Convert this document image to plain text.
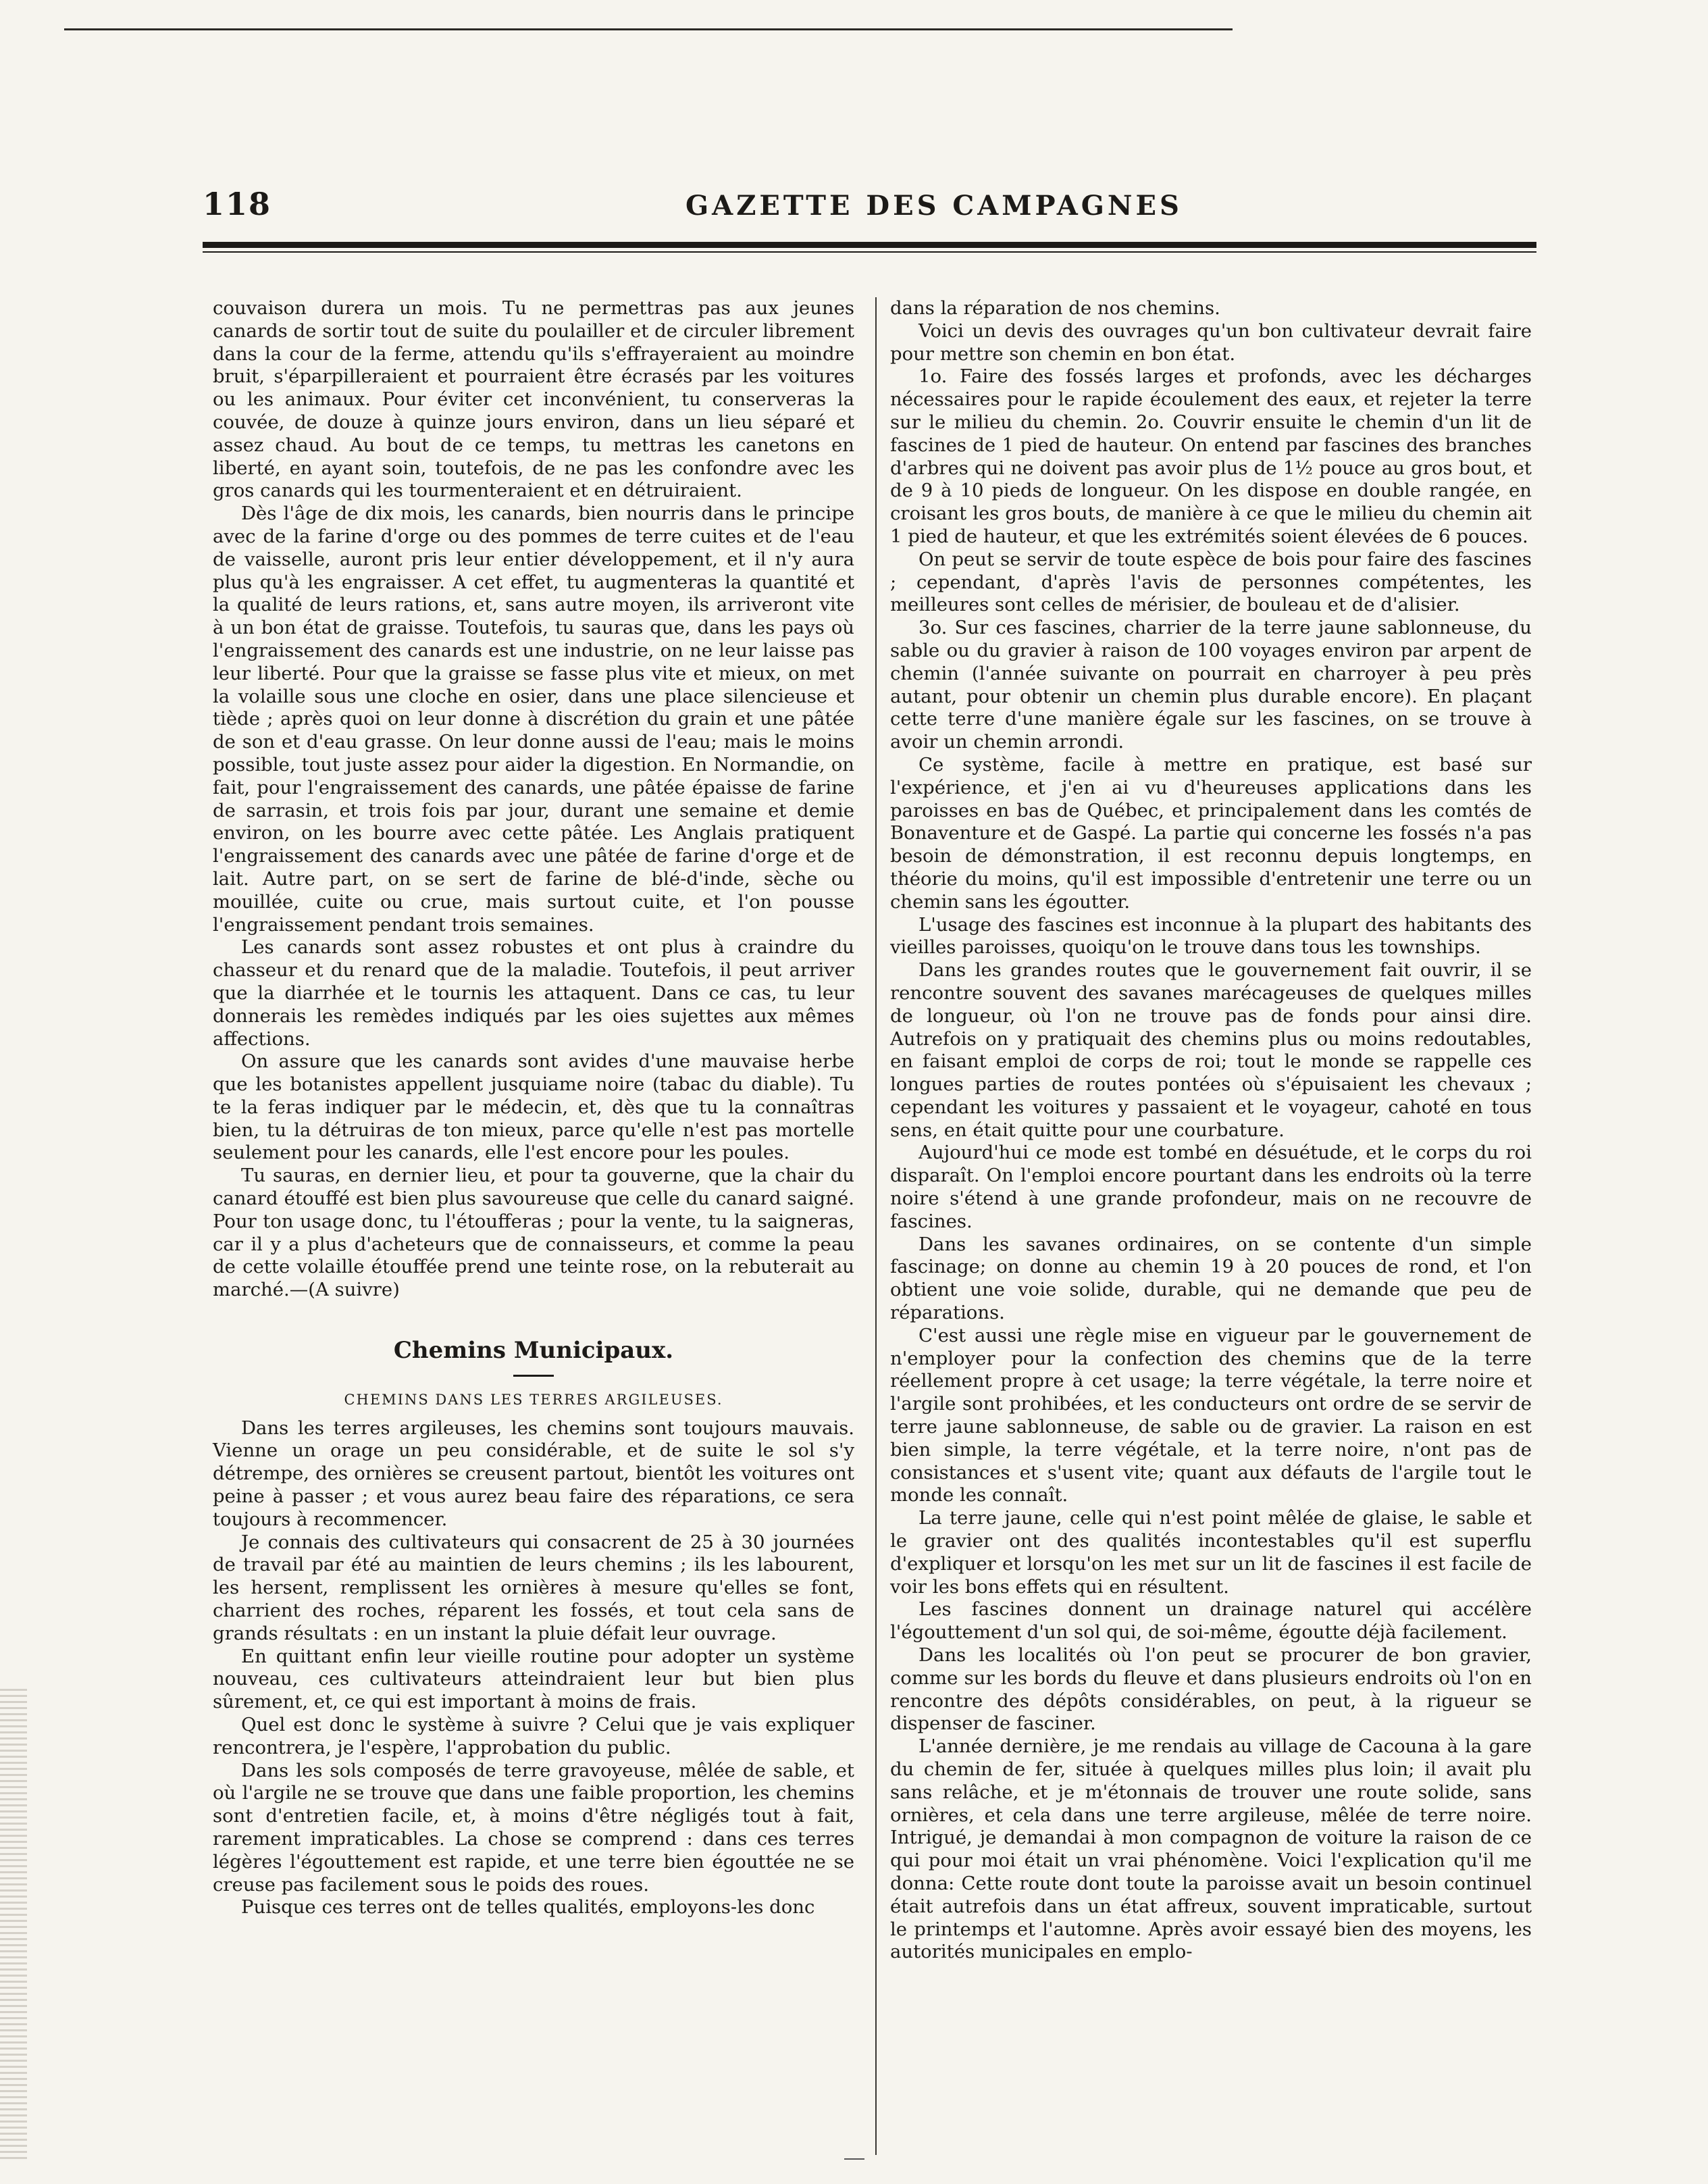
118	GAZETTE DES CAMPAGNES

couvaison durera un mois. Tu ne permettras pas aux jeunes canards de sortir tout de suite du poulailler et de circuler librement dans la cour de la ferme, attendu qu'ils s'effrayeraient au moindre bruit, s'éparpilleraient et pourraient être écrasés par les voitures ou les animaux. Pour éviter cet inconvénient, tu conserveras la couvée, de douze à quinze jours environ, dans un lieu séparé et assez chaud. Au bout de ce temps, tu mettras les canetons en liberté, en ayant soin, toutefois, de ne pas les confondre avec les gros canards qui les tourmenteraient et en détruiraient.

Dès l'âge de dix mois, les canards, bien nourris dans le principe avec de la farine d'orge ou des pommes de terre cuites et de l'eau de vaisselle, auront pris leur entier développement, et il n'y aura plus qu'à les engraisser. A cet effet, tu augmenteras la quantité et la qualité de leurs rations, et, sans autre moyen, ils arriveront vite à un bon état de graisse. Toutefois, tu sauras que, dans les pays où l'engraissement des canards est une industrie, on ne leur laisse pas leur liberté. Pour que la graisse se fasse plus vite et mieux, on met la volaille sous une cloche en osier, dans une place silencieuse et tiède ; après quoi on leur donne à discrétion du grain et une pâtée de son et d'eau grasse. On leur donne aussi de l'eau; mais le moins possible, tout juste assez pour aider la digestion. En Normandie, on fait, pour l'engraissement des canards, une pâtée épaisse de farine de sarrasin, et trois fois par jour, durant une semaine et demie environ, on les bourre avec cette pâtée. Les Anglais pratiquent l'engraissement des canards avec une pâtée de farine d'orge et de lait. Autre part, on se sert de farine de blé-d'inde, sèche ou mouillée, cuite ou crue, mais surtout cuite, et l'on pousse l'engraissement pendant trois semaines.

Les canards sont assez robustes et ont plus à craindre du chasseur et du renard que de la maladie. Toutefois, il peut arriver que la diarrhée et le tournis les attaquent. Dans ce cas, tu leur donnerais les remèdes indiqués par les oies sujettes aux mêmes affections.

On assure que les canards sont avides d'une mauvaise herbe que les botanistes appellent jusquiame noire (tabac du diable). Tu te la feras indiquer par le médecin, et, dès que tu la connaîtras bien, tu la détruiras de ton mieux, parce qu'elle n'est pas mortelle seulement pour les canards, elle l'est encore pour les poules.

Tu sauras, en dernier lieu, et pour ta gouverne, que la chair du canard étouffé est bien plus savoureuse que celle du canard saigné. Pour ton usage donc, tu l'étoufferas ; pour la vente, tu la saigneras, car il y a plus d'acheteurs que de connaisseurs, et comme la peau de cette volaille étouffée prend une teinte rose, on la rebuterait au marché.—(A suivre)

Chemins Municipaux.
CHEMINS DANS LES TERRES ARGILEUSES.

Dans les terres argileuses, les chemins sont toujours mauvais. Vienne un orage un peu considérable, et de suite le sol s'y détrempe, des ornières se creusent partout, bientôt les voitures ont peine à passer ; et vous aurez beau faire des réparations, ce sera toujours à recommencer.

Je connais des cultivateurs qui consacrent de 25 à 30 journées de travail par été au maintien de leurs chemins ; ils les labourent, les hersent, remplissent les ornières à mesure qu'elles se font, charrient des roches, réparent les fossés, et tout cela sans de grands résultats : en un instant la pluie défait leur ouvrage.

En quittant enfin leur vieille routine pour adopter un système nouveau, ces cultivateurs atteindraient leur but bien plus sûrement, et, ce qui est important à moins de frais.

Quel est donc le système à suivre ? Celui que je vais expliquer rencontrera, je l'espère, l'approbation du public.

Dans les sols composés de terre gravoyeuse, mêlée de sable, et où l'argile ne se trouve que dans une faible proportion, les chemins sont d'entretien facile, et, à moins d'être négligés tout à fait, rarement impraticables. La chose se comprend : dans ces terres légères l'égouttement est rapide, et une terre bien égouttée ne se creuse pas facilement sous le poids des roues.

Puisque ces terres ont de telles qualités, employons-les donc

dans la réparation de nos chemins.

Voici un devis des ouvrages qu'un bon cultivateur devrait faire pour mettre son chemin en bon état.

1o. Faire des fossés larges et profonds, avec les décharges nécessaires pour le rapide écoulement des eaux, et rejeter la terre sur le milieu du chemin. 2o. Couvrir ensuite le chemin d'un lit de fascines de 1 pied de hauteur. On entend par fascines des branches d'arbres qui ne doivent pas avoir plus de 1½ pouce au gros bout, et de 9 à 10 pieds de longueur. On les dispose en double rangée, en croisant les gros bouts, de manière à ce que le milieu du chemin ait 1 pied de hauteur, et que les extrémités soient élevées de 6 pouces.

On peut se servir de toute espèce de bois pour faire des fascines ; cependant, d'après l'avis de personnes compétentes, les meilleures sont celles de mérisier, de bouleau et de d'alisier.

3o. Sur ces fascines, charrier de la terre jaune sablonneuse, du sable ou du gravier à raison de 100 voyages environ par arpent de chemin (l'année suivante on pourrait en charroyer à peu près autant, pour obtenir un chemin plus durable encore). En plaçant cette terre d'une manière égale sur les fascines, on se trouve à avoir un chemin arrondi.

Ce système, facile à mettre en pratique, est basé sur l'expérience, et j'en ai vu d'heureuses applications dans les paroisses en bas de Québec, et principalement dans les comtés de Bonaventure et de Gaspé. La partie qui concerne les fossés n'a pas besoin de démonstration, il est reconnu depuis longtemps, en théorie du moins, qu'il est impossible d'entretenir une terre ou un chemin sans les égoutter.

L'usage des fascines est inconnue à la plupart des habitants des vieilles paroisses, quoiqu'on le trouve dans tous les townships.

Dans les grandes routes que le gouvernement fait ouvrir, il se rencontre souvent des savanes marécageuses de quelques milles de longueur, où l'on ne trouve pas de fonds pour ainsi dire. Autrefois on y pratiquait des chemins plus ou moins redoutables, en faisant emploi de corps de roi; tout le monde se rappelle ces longues parties de routes pontées où s'épuisaient les chevaux ; cependant les voitures y passaient et le voyageur, cahoté en tous sens, en était quitte pour une courbature.

Aujourd'hui ce mode est tombé en désuétude, et le corps du roi disparaît. On l'emploi encore pourtant dans les endroits où la terre noire s'étend à une grande profondeur, mais on ne recouvre de fascines.

Dans les savanes ordinaires, on se contente d'un simple fascinage; on donne au chemin 19 à 20 pouces de rond, et l'on obtient une voie solide, durable, qui ne demande que peu de réparations.

C'est aussi une règle mise en vigueur par le gouvernement de n'employer pour la confection des chemins que de la terre réellement propre à cet usage; la terre végétale, la terre noire et l'argile sont prohibées, et les conducteurs ont ordre de se servir de terre jaune sablonneuse, de sable ou de gravier. La raison en est bien simple, la terre végétale, et la terre noire, n'ont pas de consistances et s'usent vite; quant aux défauts de l'argile tout le monde les connaît.

La terre jaune, celle qui n'est point mêlée de glaise, le sable et le gravier ont des qualités incontestables qu'il est superflu d'expliquer et lorsqu'on les met sur un lit de fascines il est facile de voir les bons effets qui en résultent.

Les fascines donnent un drainage naturel qui accélère l'égouttement d'un sol qui, de soi-même, égoutte déjà facilement.

Dans les localités où l'on peut se procurer de bon gravier, comme sur les bords du fleuve et dans plusieurs endroits où l'on en rencontre des dépôts considérables, on peut, à la rigueur se dispenser de fasciner.

L'année dernière, je me rendais au village de Cacouna à la gare du chemin de fer, située à quelques milles plus loin; il avait plu sans relâche, et je m'étonnais de trouver une route solide, sans ornières, et cela dans une terre argileuse, mêlée de terre noire. Intrigué, je demandai à mon compagnon de voiture la raison de ce qui pour moi était un vrai phénomène. Voici l'explication qu'il me donna: Cette route dont toute la paroisse avait un besoin continuel était autrefois dans un état affreux, souvent impraticable, surtout le printemps et l'automne. Après avoir essayé bien des moyens, les autorités municipales en emplo-
